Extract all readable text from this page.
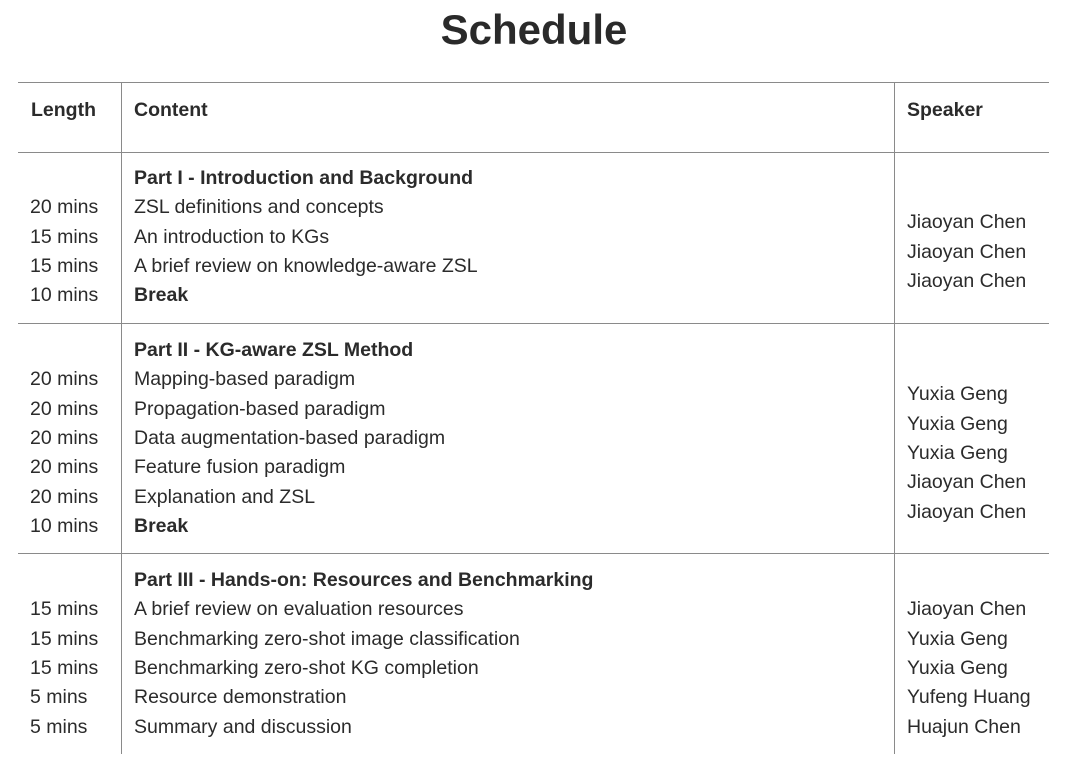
Schedule
Length Content	Speaker
Part I - Introduction and Background
20 mins ZSL definitions and concepts
15 mins An introduction to KGs
15 mins A brief review on knowledge-aware ZSL
10 mins Break
Jiaoyan Chen
Jiaoyan Chen
Jiaoyan Chen
Part II - KG-aware ZSL Method
20 mins Mapping-based paradigm
20 mins Propagation-based paradigm
20 mins Data augmentation-based paradigm
20 mins Feature fusion paradigm
20 mins Explanation and ZSL
10 mins Break
Yuxia Geng
Yuxia Geng
Yuxia Geng
Jiaoyan Chen
Jiaoyan Chen
Part III - Hands-on: Resources and Benchmarking
15 mins A brief review on evaluation resources
15 mins Benchmarking zero-shot image classification
15 mins Benchmarking zero-shot KG completion
5 mins Resource demonstration
5 mins Summary and discussion
Jiaoyan Chen
Yuxia Geng
Yuxia Geng
Yufeng Huang
Huajun Chen
